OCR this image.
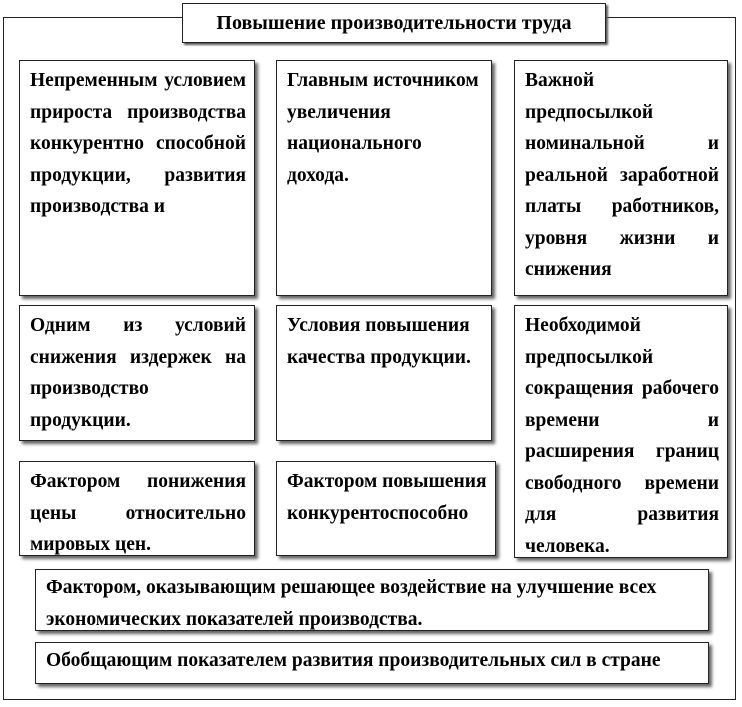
Повышение производительности труда
Непременным условием прироста производства конкурентно способной продукции, развития производства и
Главным источником увеличения национального дохода.
Важной предпосылкой номинальной и реальной заработной платы работников, уровня жизни и снижения
Одним из условий снижения издержек на производство продукции.
Условия повышения качества продукции.
Необходимой предпосылкой сокращения рабочего времени и расширения границ свободного времени для развития человека.
Фактором понижения цены относительно мировых цен.
Фактором повышения конкурентоспособно
Фактором, оказывающим решающее воздействие на улучшение всех экономических показателей производства.
Обобщающим показателем развития производительных сил в стране
